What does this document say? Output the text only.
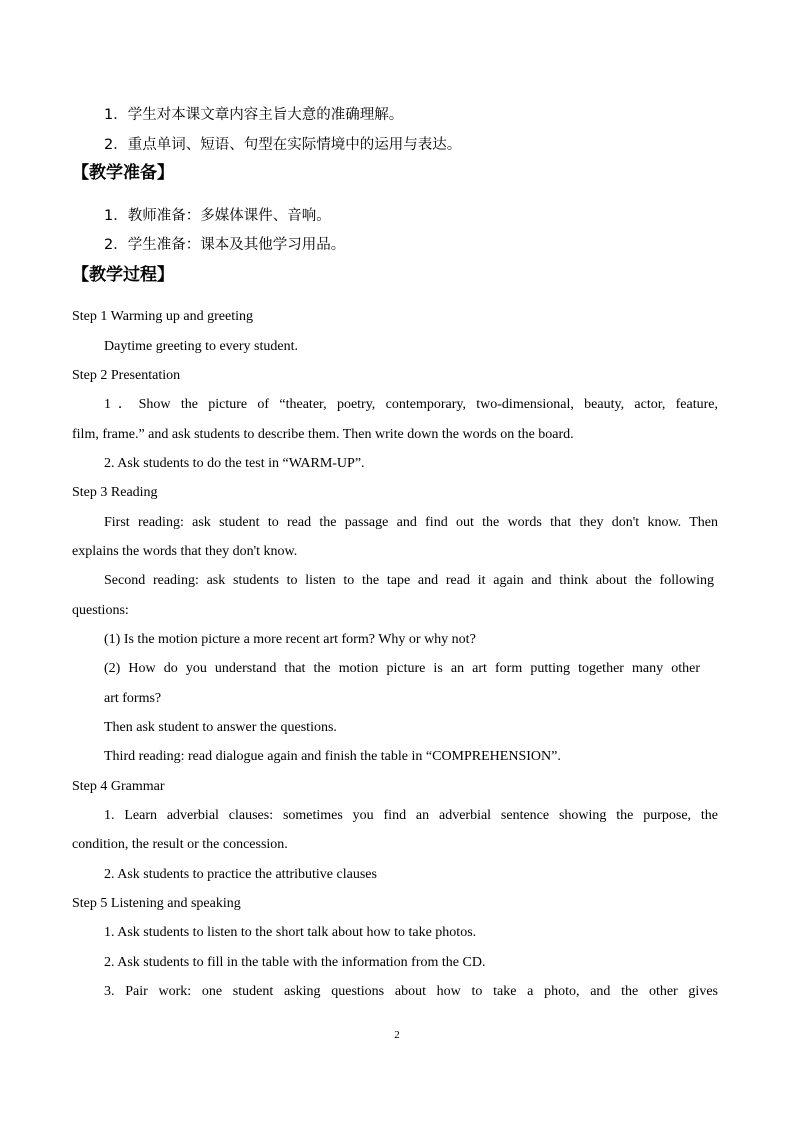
1．学生对本课文章内容主旨大意的准确理解。
2．重点单词、短语、句型在实际情境中的运用与表达。
【教学准备】
1．教师准备：多媒体课件、音响。
2．学生准备：课本及其他学习用品。
【教学过程】
Step 1 Warming up and greeting
Daytime greeting to every student.
Step 2 Presentation
1．Show the picture of “theater, poetry, contemporary, two-dimensional, beauty, actor, feature,
film, frame.” and ask students to describe them. Then write down the words on the board.
2. Ask students to do the test in “WARM-UP”.
Step 3 Reading
First reading: ask student to read the passage and find out the words that they don't know. Then
explains the words that they don't know.
Second reading: ask students to listen to the tape and read it again and think about the following
questions:
(1) Is the motion picture a more recent art form? Why or why not?
(2) How do you understand that the motion picture is an art form putting together many other
art forms?
Then ask student to answer the questions.
Third reading: read dialogue again and finish the table in “COMPREHENSION”.
Step 4 Grammar
1. Learn adverbial clauses: sometimes you find an adverbial sentence showing the purpose, the
condition, the result or the concession.
2. Ask students to practice the attributive clauses
Step 5 Listening and speaking
1. Ask students to listen to the short talk about how to take photos.
2. Ask students to fill in the table with the information from the CD.
3. Pair work: one student asking questions about how to take a photo, and the other gives
2
